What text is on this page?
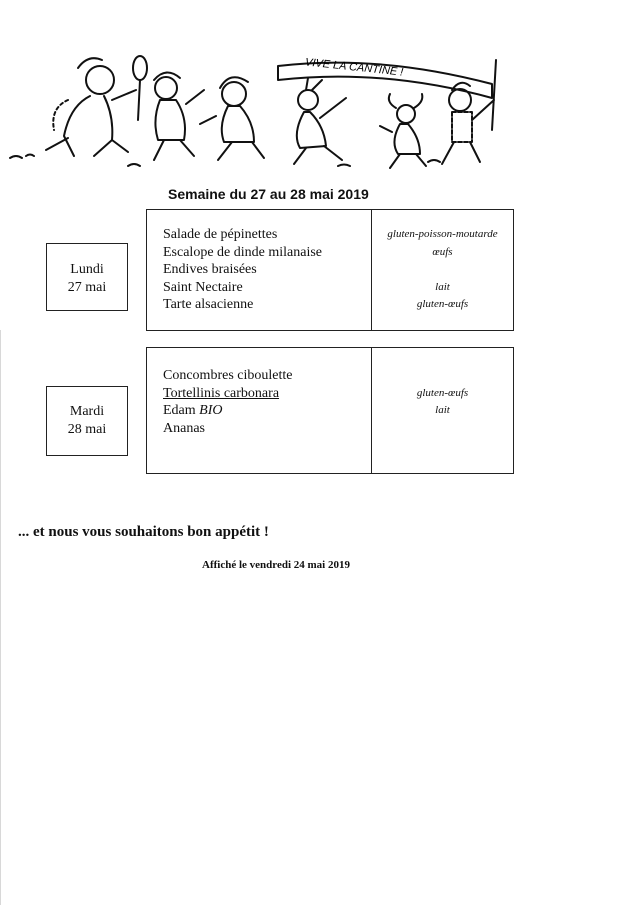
VIVE LA CANTINE !
Semaine du 27 au 28 mai 2019
Lundi
27 mai
Salade de pépinettes
Escalope de dinde milanaise
Endives braisées
Saint Nectaire
Tarte alsacienne
gluten-poisson-moutarde
œufs
lait
gluten-œufs
Mardi
28 mai
Concombres ciboulette
Tortellinis carbonara
Edam BIO
Ananas
gluten-œufs
lait
... et nous vous souhaitons bon appétit !
Affiché le vendredi 24 mai 2019
